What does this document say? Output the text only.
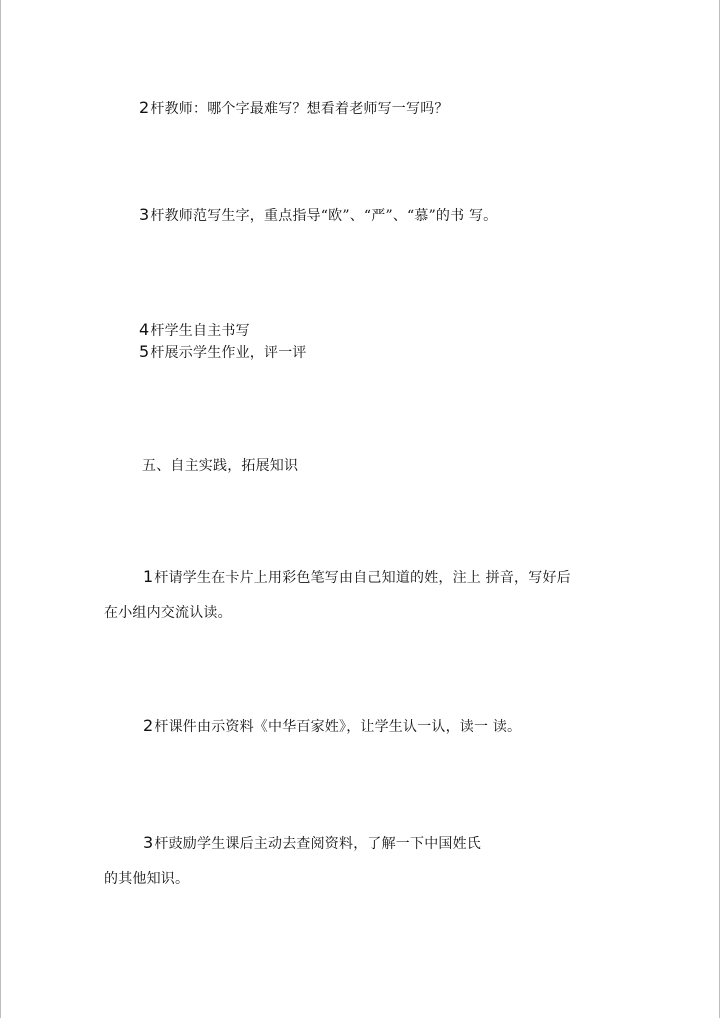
2杆教师：哪个字最难写？想看着老师写一写吗？
3杆教师范写生字，重点指导“欧”、“严”、“慕”的书 写。
4杆学生自主书写
5杆展示学生作业，评一评
五、自主实践，拓展知识
1杆请学生在卡片上用彩色笔写由自己知道的姓，注上 拼音，写好后
在小组内交流认读。
2杆课件由示资料《中华百家姓》，让学生认一认，读一 读。
3杆豉励学生课后主动去查阅资料，了解一下中国姓氏
的其他知识。
